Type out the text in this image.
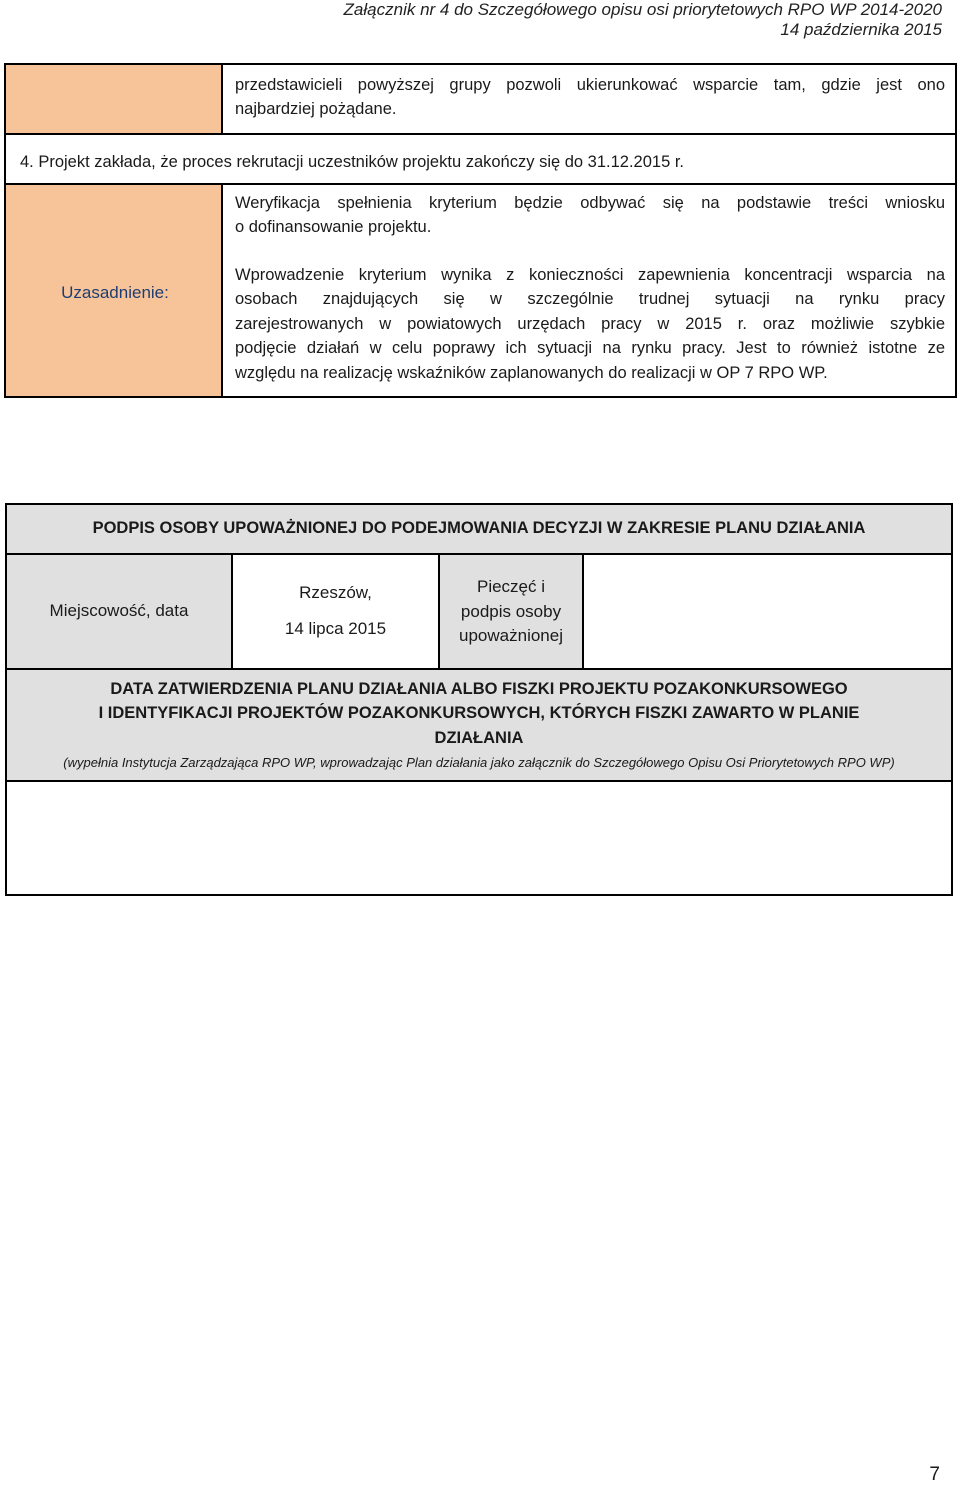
Załącznik nr 4 do Szczegółowego opisu osi priorytetowych RPO WP 2014-2020
14 października 2015
przedstawicieli powyższej grupy pozwoli ukierunkować wsparcie tam, gdzie jest ono
najbardziej pożądane.
4. Projekt zakłada, że proces rekrutacji uczestników projektu zakończy się do 31.12.2015 r.
Uzasadnienie:
Weryfikacja spełnienia kryterium będzie odbywać się na podstawie treści wniosku
o dofinansowanie projektu.
Wprowadzenie kryterium wynika z konieczności zapewnienia koncentracji wsparcia na
osobach znajdujących się w szczególnie trudnej sytuacji na rynku pracy
zarejestrowanych w powiatowych urzędach pracy w 2015 r. oraz możliwie szybkie
podjęcie działań w celu poprawy ich sytuacji na rynku pracy. Jest to również istotne ze
względu na realizację wskaźników zaplanowanych do realizacji w OP 7 RPO WP.
PODPIS OSOBY UPOWAŻNIONEJ DO PODEJMOWANIA DECYZJI W ZAKRESIE PLANU DZIAŁANIA
Miejscowość, data
Rzeszów,
14 lipca 2015
Pieczęć i
podpis osoby
upoważnionej
DATA ZATWIERDZENIA PLANU DZIAŁANIA ALBO FISZKI PROJEKTU POZAKONKURSOWEGO
I IDENTYFIKACJI PROJEKTÓW POZAKONKURSOWYCH, KTÓRYCH FISZKI ZAWARTO W PLANIE
DZIAŁANIA
(wypełnia Instytucja Zarządzająca RPO WP, wprowadzając Plan działania jako załącznik do Szczegółowego Opisu Osi Priorytetowych RPO WP)
7
